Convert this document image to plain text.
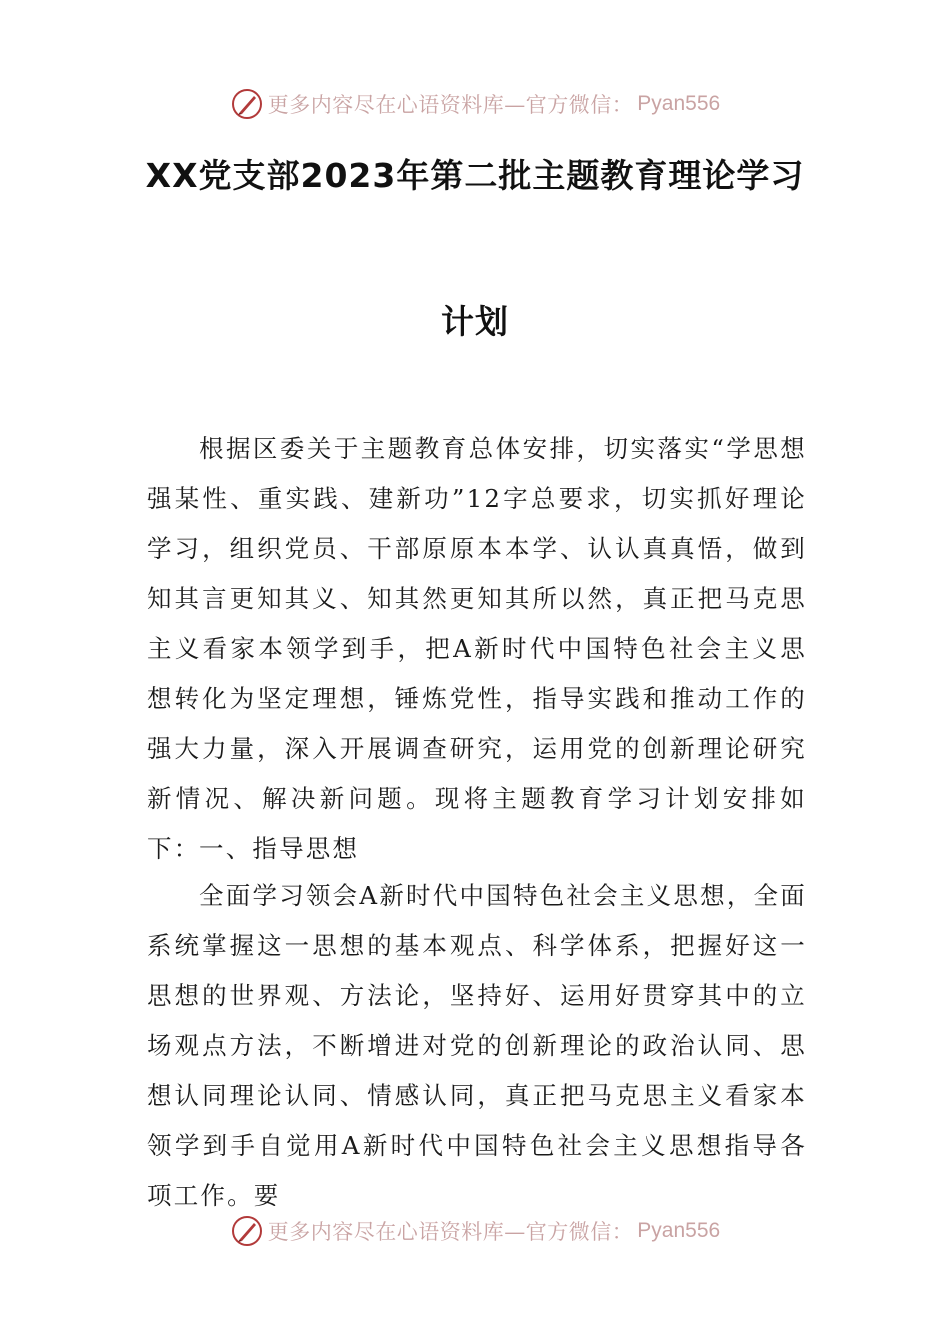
更多内容尽在心语资料库—官方微信： Pyan556
XX党支部2023年第二批主题教育理论学习
计划
根据区委关于主题教育总体安排，切实落实“学思想强某性、重实践、建新功”12字总要求，切实抓好理论学习，组织党员、干部原原本本学、认认真真悟，做到知其言更知其义、知其然更知其所以然，真正把马克思主义看家本领学到手，把A新时代中国特色社会主义思想转化为坚定理想，锤炼党性，指导实践和推动工作的强大力量，深入开展调查研究，运用党的创新理论研究新情况、解决新问题。现将主题教育学习计划安排如下：
一、指导思想
全面学习领会A新时代中国特色社会主义思想，全面系统掌握这一思想的基本观点、科学体系，把握好这一思想的世界观、方法论，坚持好、运用好贯穿其中的立场观点方法，不断增进对党的创新理论的政治认同、思想认同理论认同、情感认同，真正把马克思主义看家本领学到手自觉用A新时代中国特色社会主义思想指导各项工作。要
更多内容尽在心语资料库—官方微信： Pyan556
